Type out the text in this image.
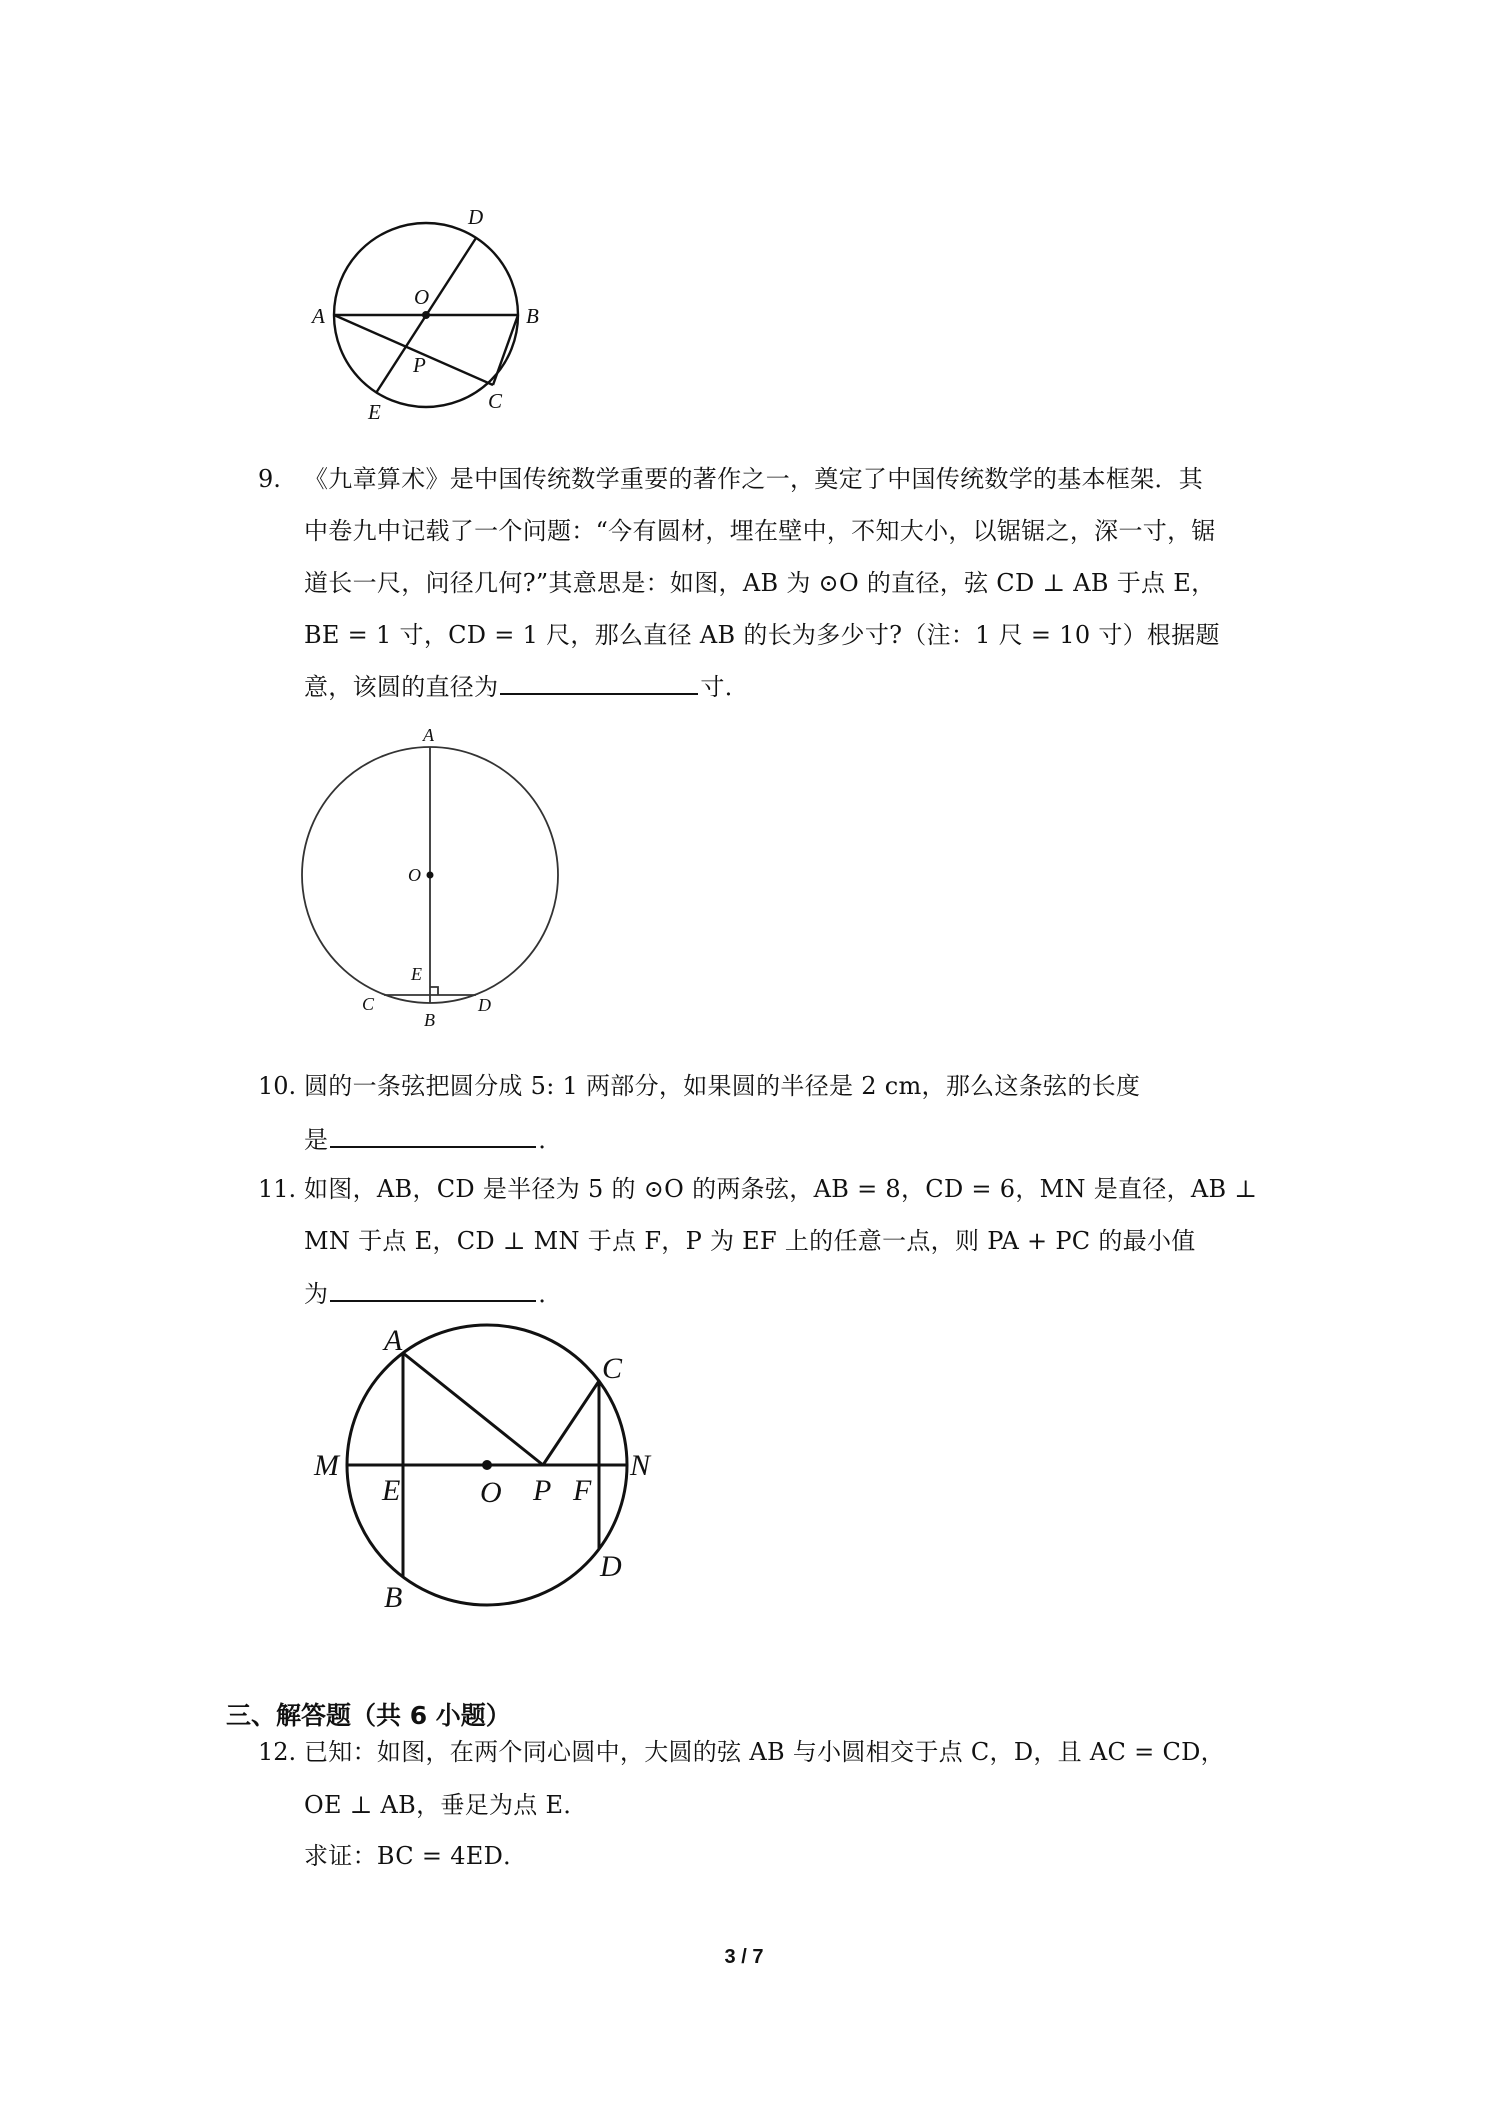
D
O
A	B
P
C
E
9. 《九章算术》是中国传统数学重要的著作之一，奠定了中国传统数学的基本框架．其
中卷九中记载了一个问题：“今有圆材，埋在壁中，不知大小，以锯锯之，深一寸，锯
道长一尺，问径几何?”其意思是：如图，AB 为 ⊙O 的直径，弦 CD ⊥ AB 于点 E，
BE = 1 寸，CD = 1 尺，那么直径 AB 的长为多少寸?（注：1 尺 = 10 寸）根据题
意，该圆的直径为	寸．
A
O
E
C
B
D
10. 圆的一条弦把圆分成 5: 1 两部分，如果圆的半径是 2 cm，那么这条弦的长度
是	．
11. 如图，AB，CD 是半径为 5 的 ⊙O 的两条弦，AB = 8，CD = 6，MN 是直径，AB ⊥
MN 于点 E，CD ⊥ MN 于点 F，P 为 EF 上的任意一点，则 PA + PC 的最小值
为	．
M	N
A
B
C
D
E	O P F
三、解答题（共 6 小题）
12. 已知：如图，在两个同心圆中，大圆的弦 AB 与小圆相交于点 C，D，且 AC = CD，
OE ⊥ AB，垂足为点 E．
求证：BC = 4ED．
3 / 7
